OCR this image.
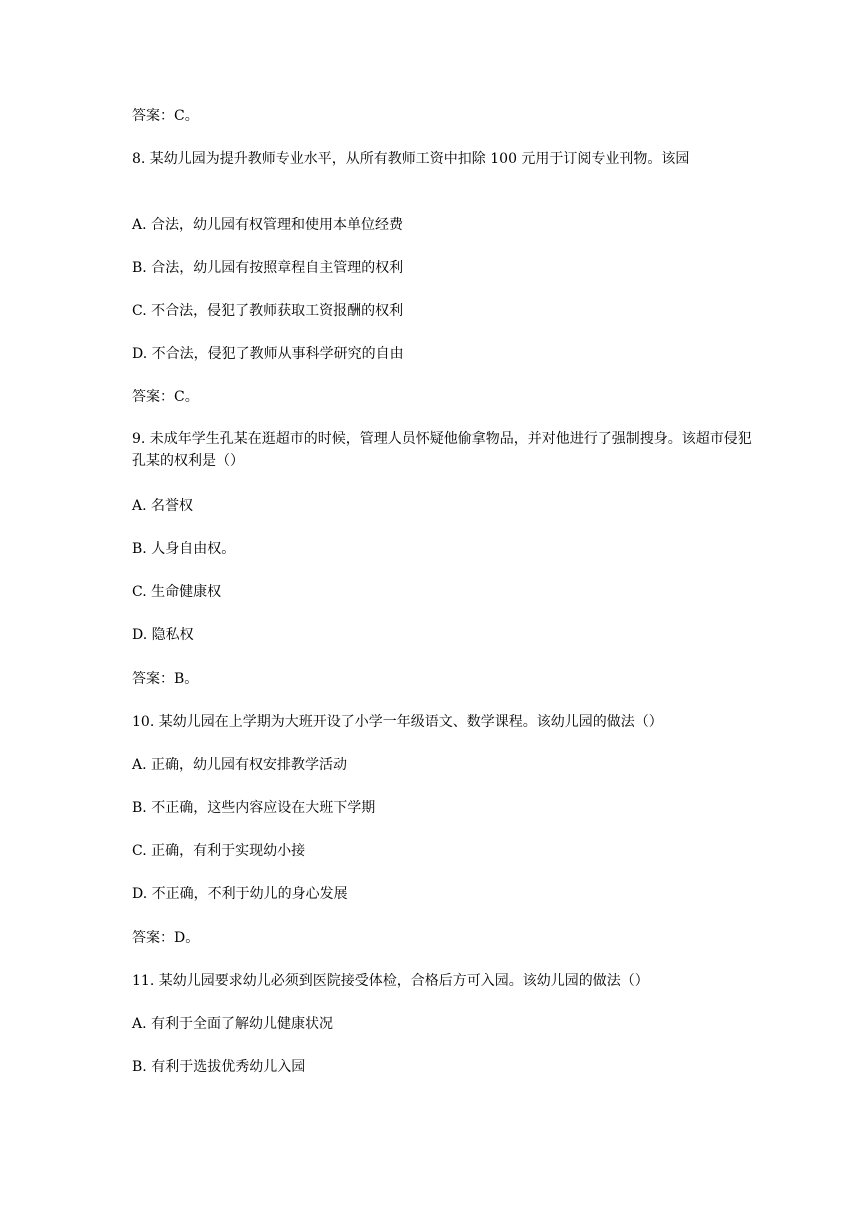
答案：C。
8. 某幼儿园为提升教师专业水平，从所有教师工资中扣除 100 元用于订阅专业刊物。该园
A. 合法，幼儿园有权管理和使用本单位经费
B. 合法，幼儿园有按照章程自主管理的权利
C. 不合法，侵犯了教师获取工资报酬的权利
D. 不合法，侵犯了教师从事科学研究的自由
答案：C。
9. 未成年学生孔某在逛超市的时候，管理人员怀疑他偷拿物品，并对他进行了强制搜身。该超市侵犯孔某的权利是（）
A. 名誉权
B. 人身自由权。
C. 生命健康权
D. 隐私权
答案：B。
10. 某幼儿园在上学期为大班开设了小学一年级语文、数学课程。该幼儿园的做法（）
A. 正确，幼儿园有权安排教学活动
B. 不正确，这些内容应设在大班下学期
C. 正确，有利于实现幼小接
D. 不正确，不利于幼儿的身心发展
答案：D。
11. 某幼儿园要求幼儿必须到医院接受体检，合格后方可入园。该幼儿园的做法（）
A. 有利于全面了解幼儿健康状况
B. 有利于选拔优秀幼儿入园
